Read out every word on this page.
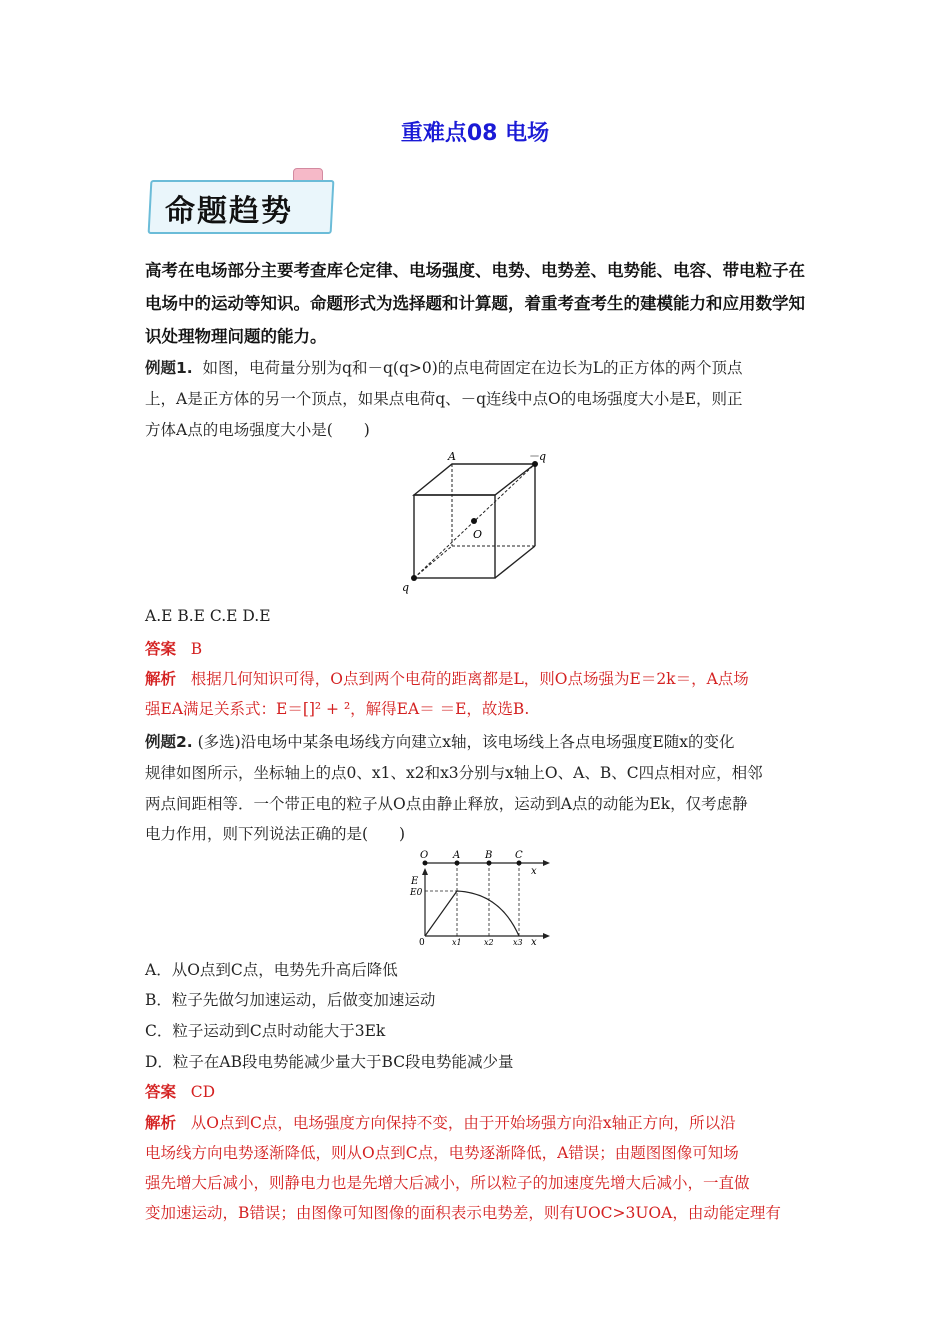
重难点08 电场
命题趋势
高考在电场部分主要考查库仑定律、电场强度、电势、电势差、电势能、电容、带电粒子在电场中的运动等知识。命题形式为选择题和计算题，着重考查考生的建模能力和应用数学知识处理物理问题的能力。
例题1. 如图，电荷量分别为q和－q(q>0)的点电荷固定在边长为L的正方体的两个顶点
上，A是正方体的另一个顶点，如果点电荷q、－q连线中点O的电场强度大小是E，则正
方体A点的电场强度大小是(　　)
A	－q
O
q
A.E B.E C.E D.E
答案 B
解析 根据几何知识可得，O点到两个电荷的距离都是L，则O点场强为E＝2k＝，A点场
强EA满足关系式：E＝[]² + ²，解得EA＝ ＝E，故选B.
例题2. (多选)沿电场中某条电场线方向建立x轴，该电场线上各点电场强度E随x的变化
规律如图所示，坐标轴上的点0、x1、x2和x3分别与x轴上O、A、B、C四点相对应，相邻
两点间距相等．一个带正电的粒子从O点由静止释放，运动到A点的动能为Ek，仅考虑静
电力作用，则下列说法正确的是(　　)
O A B C
x
E
E0
0	x1	x2 x3 x
A．从O点到C点，电势先升高后降低
B．粒子先做匀加速运动，后做变加速运动
C．粒子运动到C点时动能大于3Ek
D．粒子在AB段电势能减少量大于BC段电势能减少量
答案 CD
解析 从O点到C点，电场强度方向保持不变，由于开始场强方向沿x轴正方向，所以沿
电场线方向电势逐渐降低，则从O点到C点，电势逐渐降低，A错误；由题图图像可知场
强先增大后减小，则静电力也是先增大后减小，所以粒子的加速度先增大后减小，一直做
变加速运动，B错误；由图像可知图像的面积表示电势差，则有UOC>3UOA，由动能定理有
